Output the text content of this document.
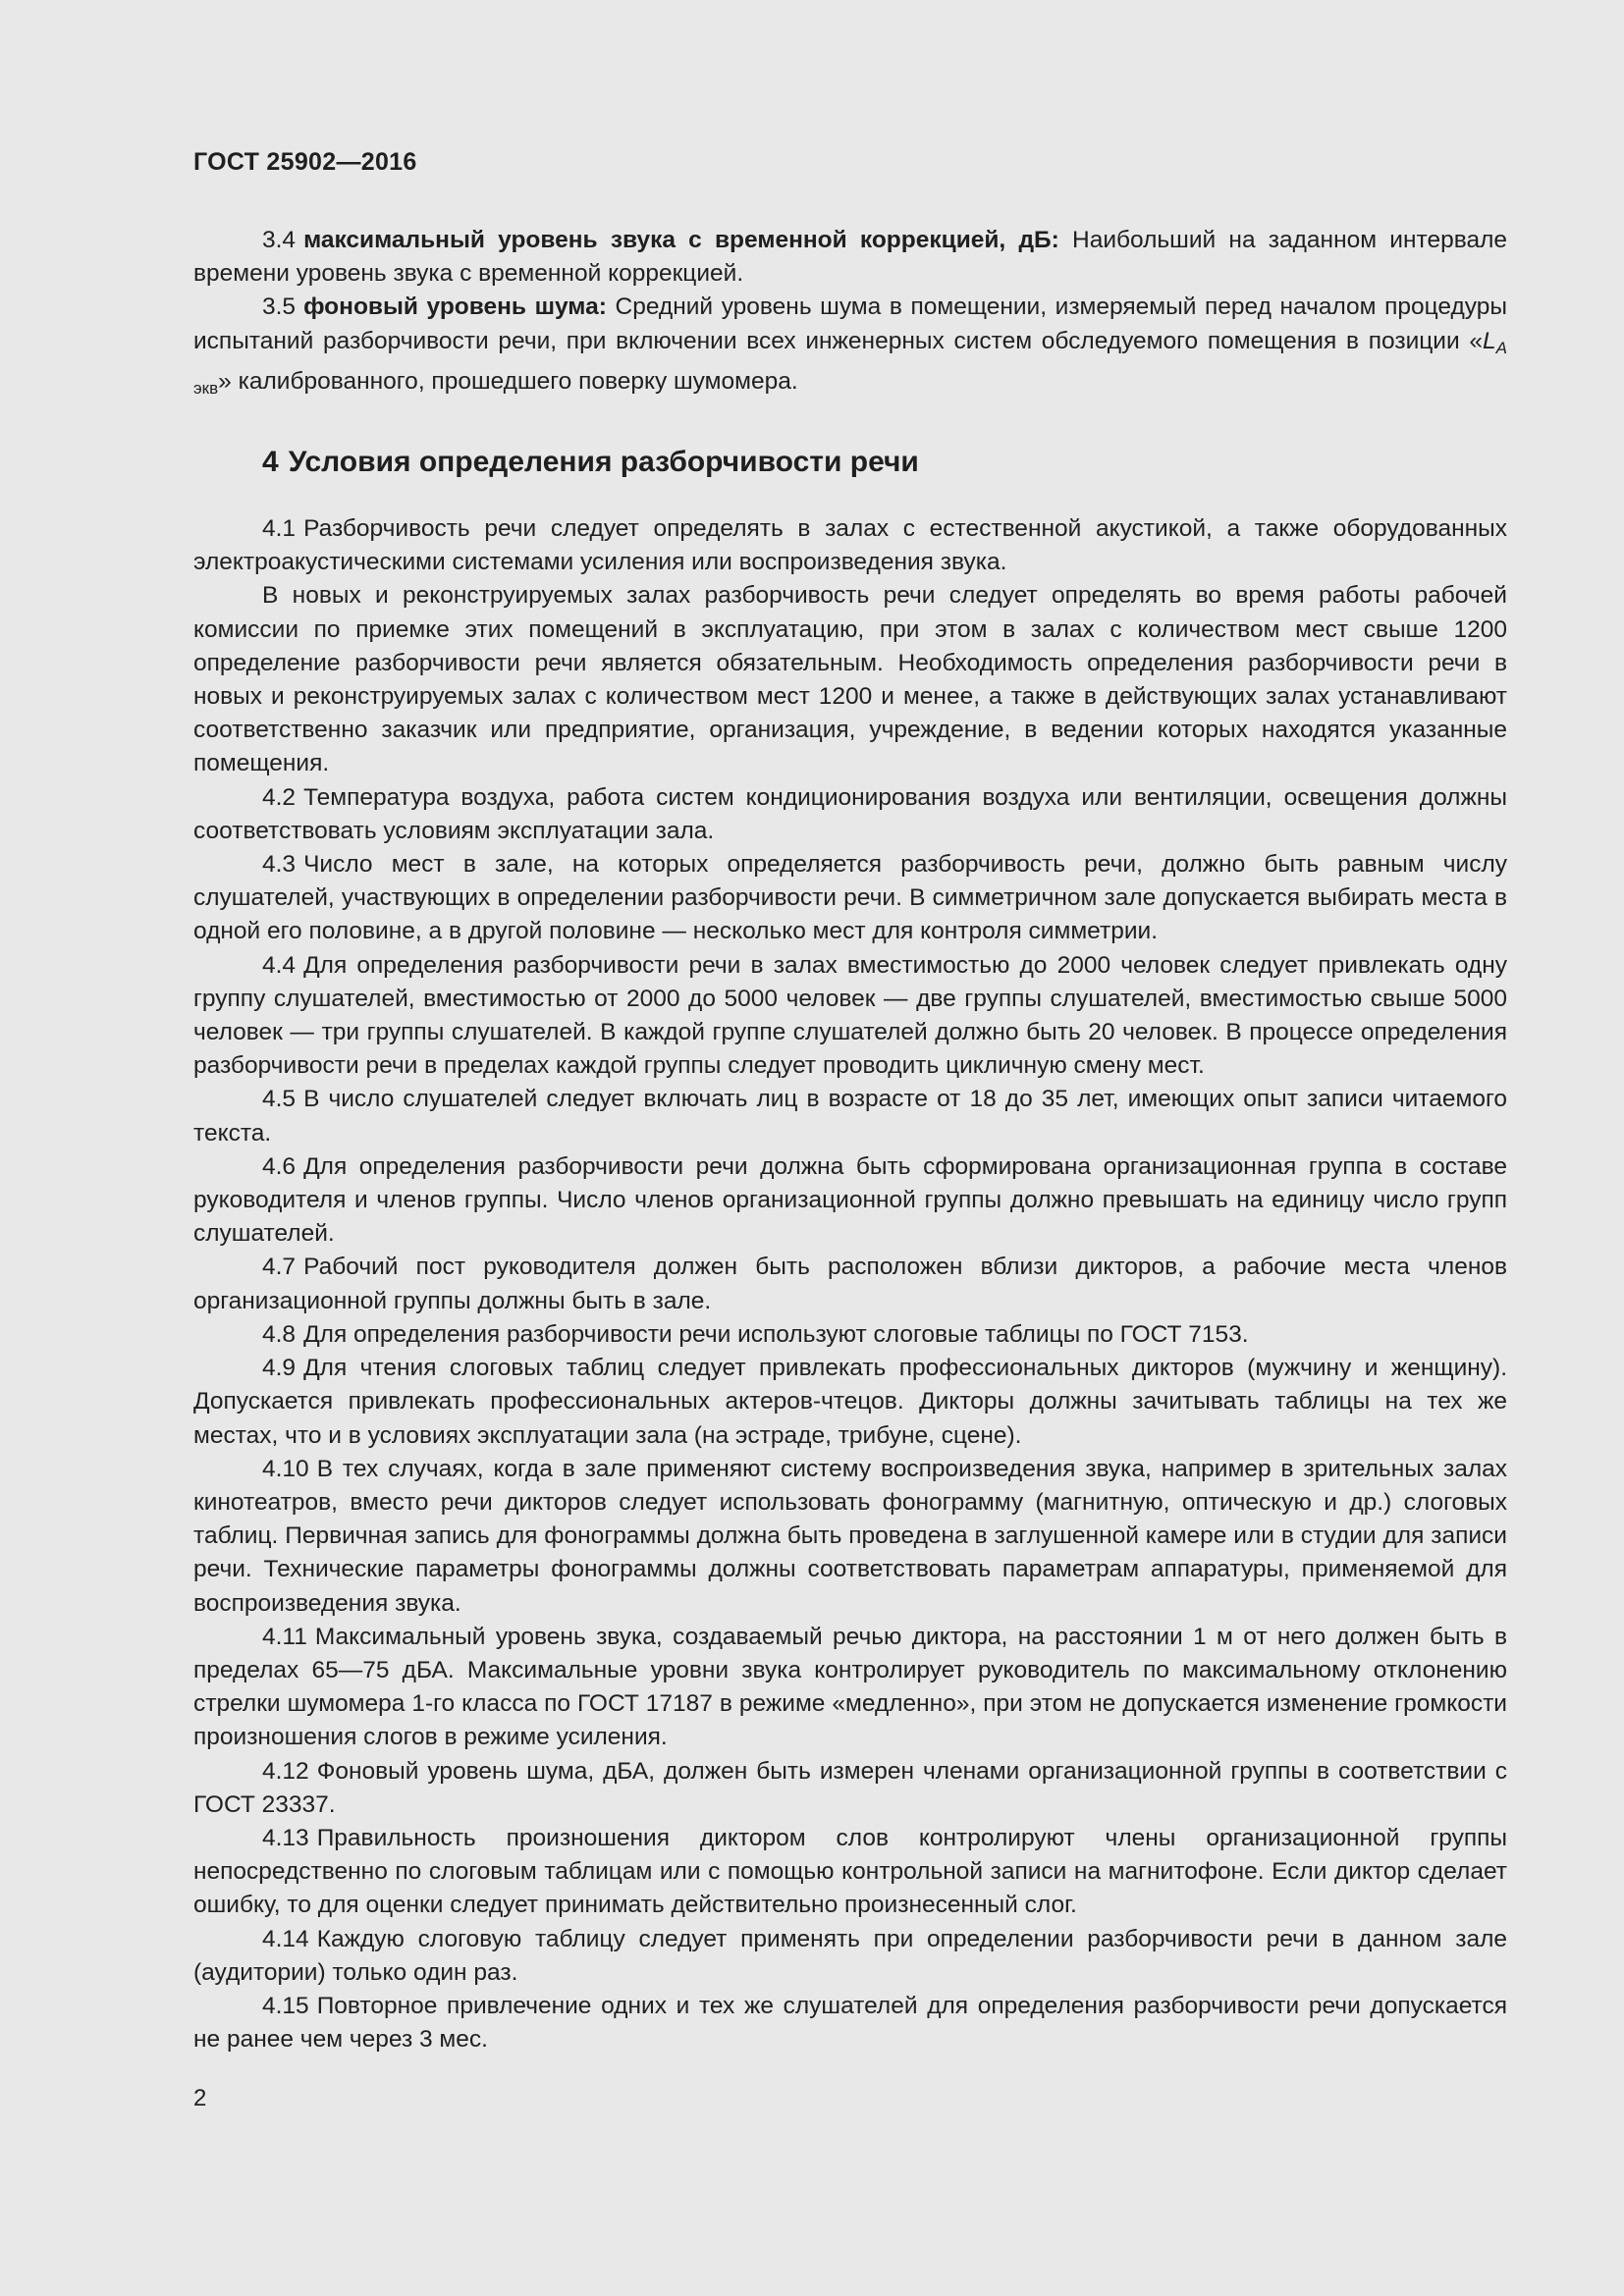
ГОСТ 25902—2016

3.4 максимальный уровень звука с временной коррекцией, дБ: Наибольший на заданном интервале времени уровень звука с временной коррекцией.

3.5 фоновый уровень шума: Средний уровень шума в помещении, измеряемый перед началом процедуры испытаний разборчивости речи, при включении всех инженерных систем обследуемого помещения в позиции «$L_{A экв}$» калиброванного, прошедшего поверку шумомера.

4 Условия определения разборчивости речи

4.1 Разборчивость речи следует определять в залах с естественной акустикой, а также оборудованных электроакустическими системами усиления или воспроизведения звука.

В новых и реконструируемых залах разборчивость речи следует определять во время работы рабочей комиссии по приемке этих помещений в эксплуатацию, при этом в залах с количеством мест свыше 1200 определение разборчивости речи является обязательным. Необходимость определения разборчивости речи в новых и реконструируемых залах с количеством мест 1200 и менее, а также в действующих залах устанавливают соответственно заказчик или предприятие, организация, учреждение, в ведении которых находятся указанные помещения.

4.2 Температура воздуха, работа систем кондиционирования воздуха или вентиляции, освещения должны соответствовать условиям эксплуатации зала.

4.3 Число мест в зале, на которых определяется разборчивость речи, должно быть равным числу слушателей, участвующих в определении разборчивости речи. В симметричном зале допускается выбирать места в одной его половине, а в другой половине — несколько мест для контроля симметрии.

4.4 Для определения разборчивости речи в залах вместимостью до 2000 человек следует привлекать одну группу слушателей, вместимостью от 2000 до 5000 человек — две группы слушателей, вместимостью свыше 5000 человек — три группы слушателей. В каждой группе слушателей должно быть 20 человек. В процессе определения разборчивости речи в пределах каждой группы следует проводить цикличную смену мест.

4.5 В число слушателей следует включать лиц в возрасте от 18 до 35 лет, имеющих опыт записи читаемого текста.

4.6 Для определения разборчивости речи должна быть сформирована организационная группа в составе руководителя и членов группы. Число членов организационной группы должно превышать на единицу число групп слушателей.

4.7 Рабочий пост руководителя должен быть расположен вблизи дикторов, а рабочие места членов организационной группы должны быть в зале.

4.8 Для определения разборчивости речи используют слоговые таблицы по ГОСТ 7153.

4.9 Для чтения слоговых таблиц следует привлекать профессиональных дикторов (мужчину и женщину). Допускается привлекать профессиональных актеров-чтецов. Дикторы должны зачитывать таблицы на тех же местах, что и в условиях эксплуатации зала (на эстраде, трибуне, сцене).

4.10 В тех случаях, когда в зале применяют систему воспроизведения звука, например в зрительных залах кинотеатров, вместо речи дикторов следует использовать фонограмму (магнитную, оптическую и др.) слоговых таблиц. Первичная запись для фонограммы должна быть проведена в заглушенной камере или в студии для записи речи. Технические параметры фонограммы должны соответствовать параметрам аппаратуры, применяемой для воспроизведения звука.

4.11 Максимальный уровень звука, создаваемый речью диктора, на расстоянии 1 м от него должен быть в пределах 65—75 дБА. Максимальные уровни звука контролирует руководитель по максимальному отклонению стрелки шумомера 1-го класса по ГОСТ 17187 в режиме «медленно», при этом не допускается изменение громкости произношения слогов в режиме усиления.

4.12 Фоновый уровень шума, дБА, должен быть измерен членами организационной группы в соответствии с ГОСТ 23337.

4.13 Правильность произношения диктором слов контролируют члены организационной группы непосредственно по слоговым таблицам или с помощью контрольной записи на магнитофоне. Если диктор сделает ошибку, то для оценки следует принимать действительно произнесенный слог.

4.14 Каждую слоговую таблицу следует применять при определении разборчивости речи в данном зале (аудитории) только один раз.

4.15 Повторное привлечение одних и тех же слушателей для определения разборчивости речи допускается не ранее чем через 3 мес.

2
